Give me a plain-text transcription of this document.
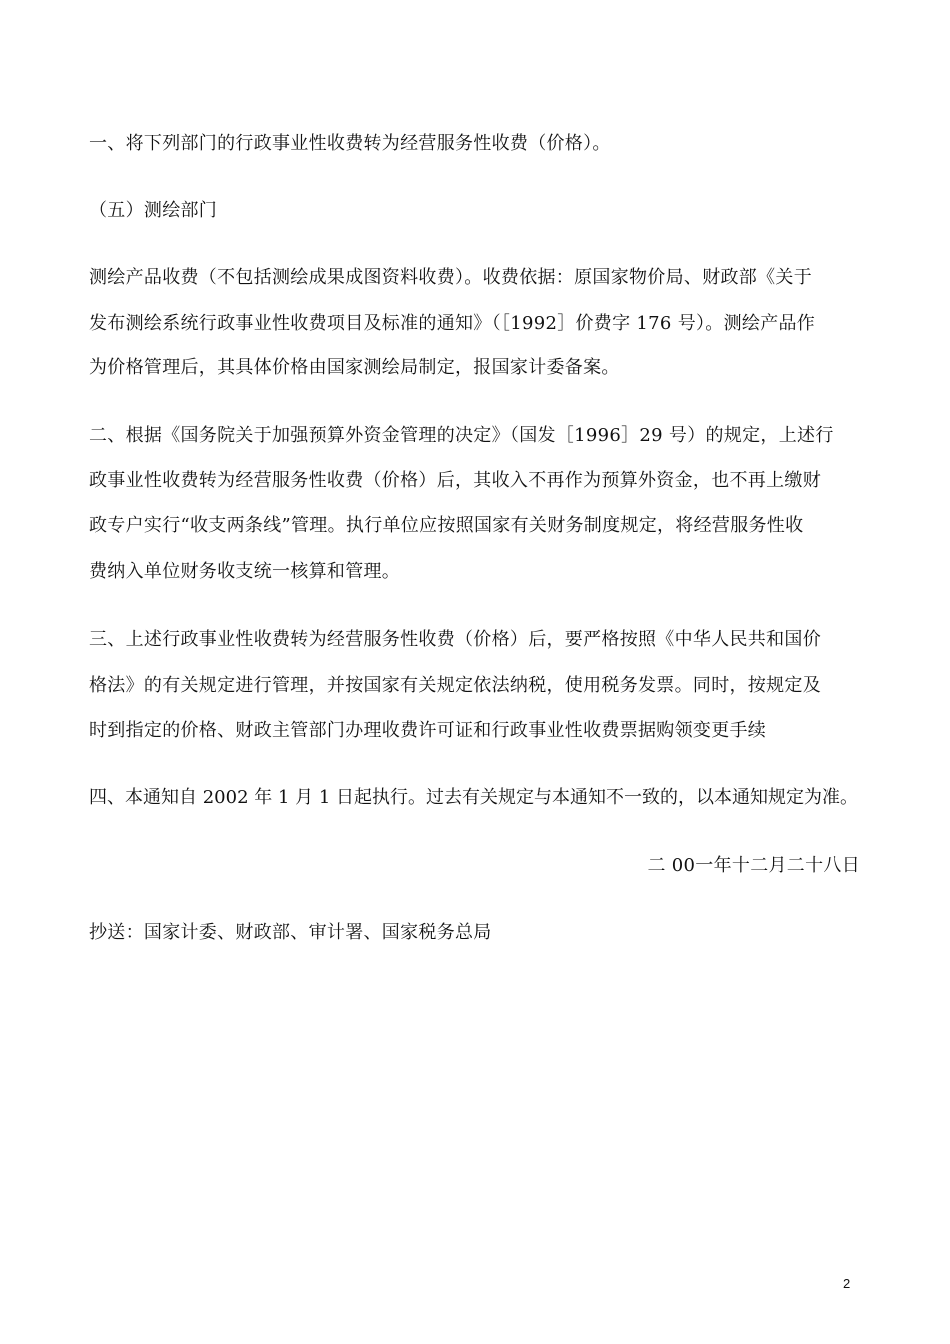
一、将下列部门的行政事业性收费转为经营服务性收费（价格）。
（五）测绘部门
测绘产品收费（不包括测绘成果成图资料收费）。收费依据：原国家物价局、财政部《关于
发布测绘系统行政事业性收费项目及标准的通知》（［1992］价费字 176 号）。测绘产品作
为价格管理后，其具体价格由国家测绘局制定，报国家计委备案。
二、根据《国务院关于加强预算外资金管理的决定》（国发［1996］29 号）的规定，上述行
政事业性收费转为经营服务性收费（价格）后，其收入不再作为预算外资金，也不再上缴财
政专户实行“收支两条线”管理。执行单位应按照国家有关财务制度规定，将经营服务性收
费纳入单位财务收支统一核算和管理。
三、上述行政事业性收费转为经营服务性收费（价格）后，要严格按照《中华人民共和国价
格法》的有关规定进行管理，并按国家有关规定依法纳税，使用税务发票。同时，按规定及
时到指定的价格、财政主管部门办理收费许可证和行政事业性收费票据购领变更手续
四、本通知自 2002 年 1 月 1 日起执行。过去有关规定与本通知不一致的，以本通知规定为准。
二 00一年十二月二十八日
抄送：国家计委、财政部、审计署、国家税务总局
2
